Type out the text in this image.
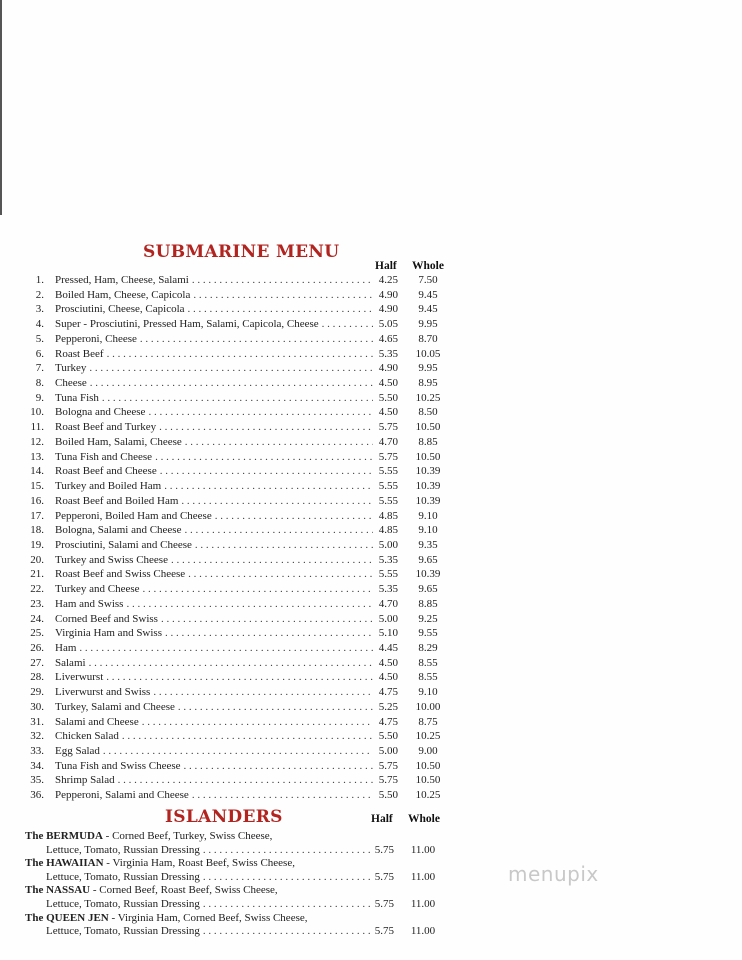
SUBMARINE MENU
Half Whole
1. Pressed, Ham, Cheese, Salami . . .	4.25	7.50
2. Boiled Ham, Cheese, Capicola . . .	4.90	9.45
3. Prosciutini, Cheese, Capicola . . .	4.90	9.45
4. Super - Prosciutini, Pressed Ham, Salami, Capicola, Cheese . . .	5.05	9.95
5. Pepperoni, Cheese . . .	4.65	8.70
6. Roast Beef . . .	5.35	10.05
7. Turkey . . .	4.90	9.95
8. Cheese . . .	4.50	8.95
9. Tuna Fish . . .	5.50	10.25
10. Bologna and Cheese . . .	4.50	8.50
11. Roast Beef and Turkey . . .	5.75	10.50
12. Boiled Ham, Salami, Cheese . . .	4.70	8.85
13. Tuna Fish and Cheese . . .	5.75	10.50
14. Roast Beef and Cheese . . .	5.55	10.39
15. Turkey and Boiled Ham . . .	5.55	10.39
16. Roast Beef and Boiled Ham . . .	5.55	10.39
17. Pepperoni, Boiled Ham and Cheese . . .	4.85	9.10
18. Bologna, Salami and Cheese . . .	4.85	9.10
19. Prosciutini, Salami and Cheese . . .	5.00	9.35
20. Turkey and Swiss Cheese . . .	5.35	9.65
21. Roast Beef and Swiss Cheese . . .	5.55	10.39
22. Turkey and Cheese . . .	5.35	9.65
23. Ham and Swiss . . .	4.70	8.85
24. Corned Beef and Swiss . . .	5.00	9.25
25. Virginia Ham and Swiss . . .	5.10	9.55
26. Ham . . .	4.45	8.29
27. Salami . . .	4.50	8.55
28. Liverwurst . . .	4.50	8.55
29. Liverwurst and Swiss . . .	4.75	9.10
30. Turkey, Salami and Cheese . . .	5.25	10.00
31. Salami and Cheese . . .	4.75	8.75
32. Chicken Salad . . .	5.50	10.25
33. Egg Salad . . .	5.00	9.00
34. Tuna Fish and Swiss Cheese . . .	5.75	10.50
35. Shrimp Salad . . .	5.75	10.50
36. Pepperoni, Salami and Cheese . . .	5.50	10.25
ISLANDERS	Half Whole
The BERMUDA - Corned Beef, Turkey, Swiss Cheese,
Lettuce, Tomato, Russian Dressing . . .	5.75	11.00
The HAWAIIAN - Virginia Ham, Roast Beef, Swiss Cheese,
Lettuce, Tomato, Russian Dressing . . .	5.75	11.00
The NASSAU - Corned Beef, Roast Beef, Swiss Cheese,
Lettuce, Tomato, Russian Dressing . . .	5.75	11.00
The QUEEN JEN - Virginia Ham, Corned Beef, Swiss Cheese,
Lettuce, Tomato, Russian Dressing . . .	5.75	11.00
menupix
